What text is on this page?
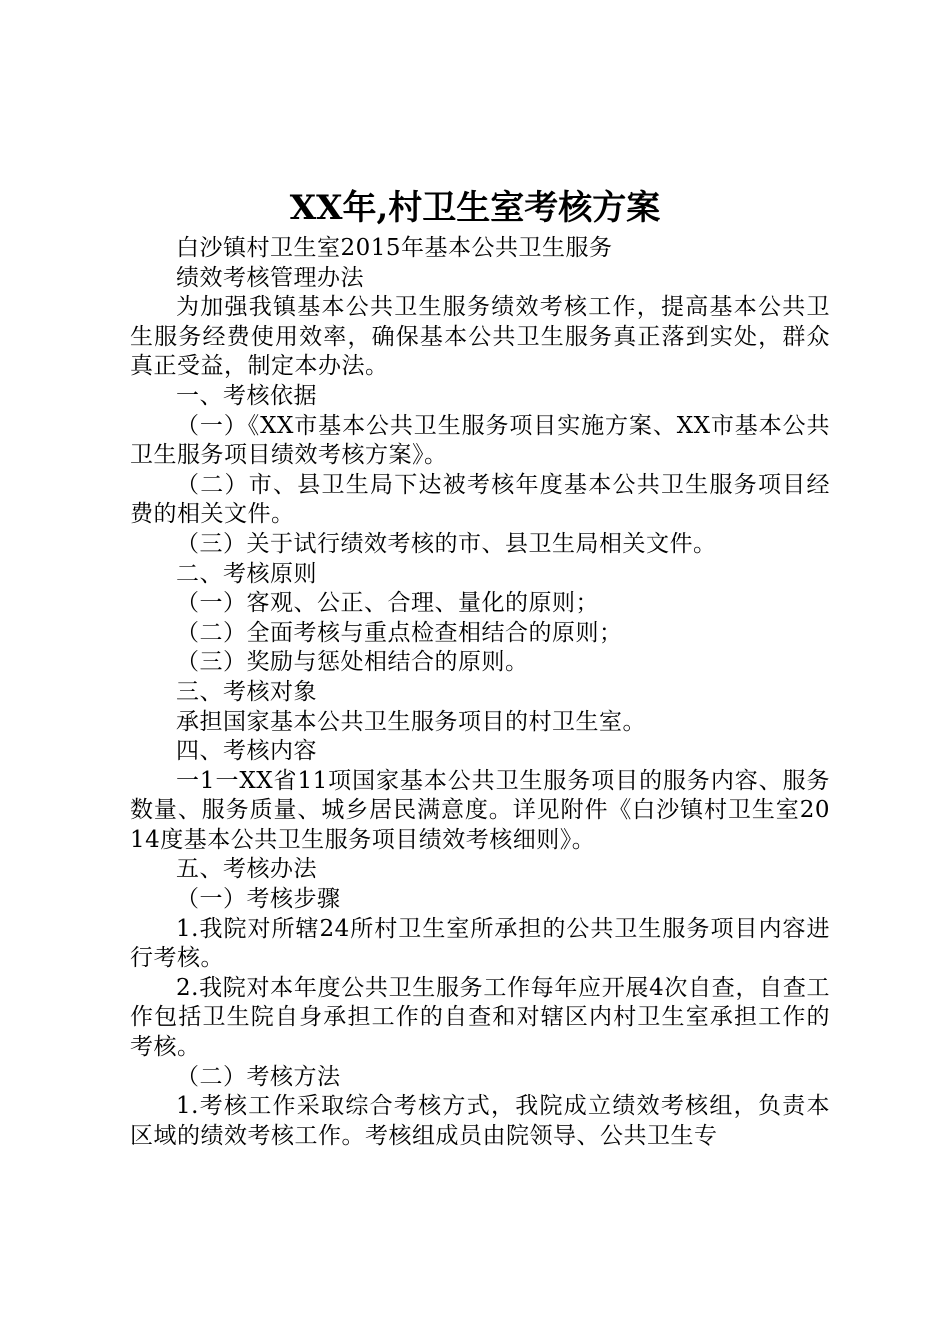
XX年,村卫生室考核方案

白沙镇村卫生室2015年基本公共卫生服务

绩效考核管理办法

为加强我镇基本公共卫生服务绩效考核工作，提高基本公共卫生服务经费使用效率，确保基本公共卫生服务真正落到实处，群众真正受益，制定本办法。

一、考核依据

（一）《XX市基本公共卫生服务项目实施方案、XX市基本公共卫生服务项目绩效考核方案》。

（二）市、县卫生局下达被考核年度基本公共卫生服务项目经费的相关文件。

（三）关于试行绩效考核的市、县卫生局相关文件。

二、考核原则

（一）客观、公正、合理、量化的原则；

（二）全面考核与重点检查相结合的原则；

（三）奖励与惩处相结合的原则。

三、考核对象

承担国家基本公共卫生服务项目的村卫生室。

四、考核内容

一1一XX省11项国家基本公共卫生服务项目的服务内容、服务数量、服务质量、城乡居民满意度。详见附件《白沙镇村卫生室2014度基本公共卫生服务项目绩效考核细则》。

五、考核办法

（一）考核步骤

1.我院对所辖24所村卫生室所承担的公共卫生服务项目内容进行考核。

2.我院对本年度公共卫生服务工作每年应开展4次自查，自查工作包括卫生院自身承担工作的自查和对辖区内村卫生室承担工作的考核。

（二）考核方法

1.考核工作采取综合考核方式，我院成立绩效考核组，负责本区域的绩效考核工作。考核组成员由院领导、公共卫生专
